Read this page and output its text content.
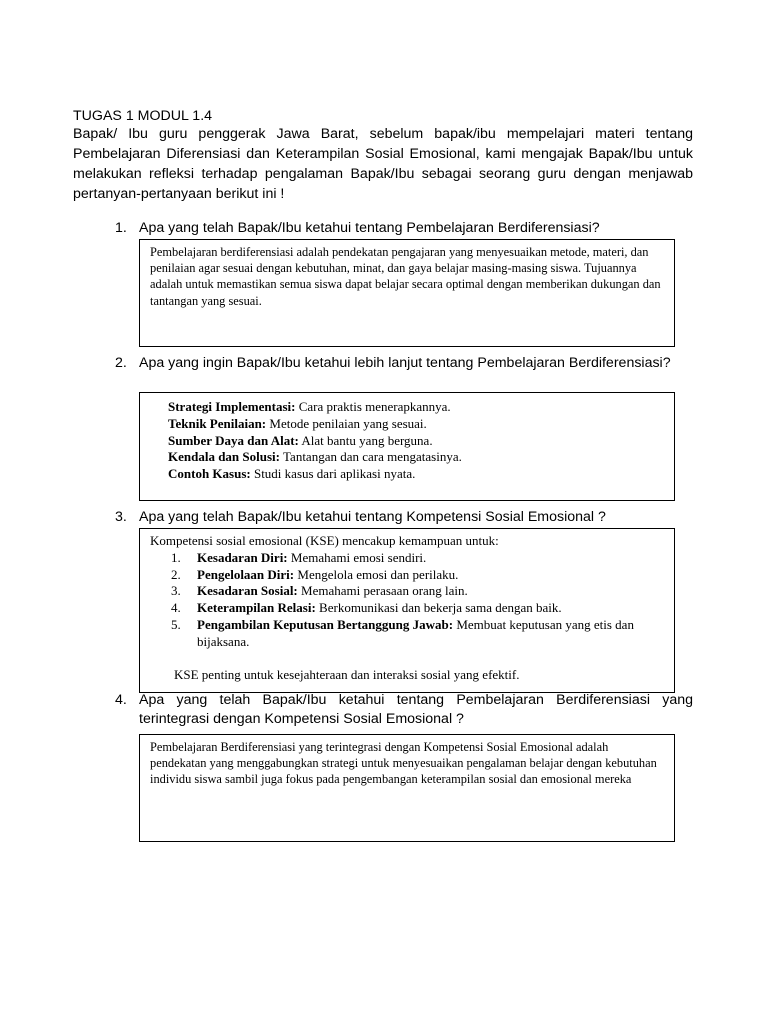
TUGAS 1 MODUL 1.4

Bapak/ Ibu guru penggerak Jawa Barat, sebelum bapak/ibu mempelajari materi tentang Pembelajaran Diferensiasi dan Keterampilan Sosial Emosional, kami mengajak Bapak/Ibu untuk melakukan refleksi terhadap pengalaman Bapak/Ibu sebagai seorang guru dengan menjawab pertanyan-pertanyaan berikut ini !

1. Apa yang telah Bapak/Ibu ketahui tentang Pembelajaran Berdiferensiasi?

Pembelajaran berdiferensiasi adalah pendekatan pengajaran yang menyesuaikan metode, materi, dan penilaian agar sesuai dengan kebutuhan, minat, dan gaya belajar masing-masing siswa. Tujuannya adalah untuk memastikan semua siswa dapat belajar secara optimal dengan memberikan dukungan dan tantangan yang sesuai.

2. Apa yang ingin Bapak/Ibu ketahui lebih lanjut tentang Pembelajaran Berdiferensiasi?
Strategi Implementasi: Cara praktis menerapkannya.
Teknik Penilaian: Metode penilaian yang sesuai.
Sumber Daya dan Alat: Alat bantu yang berguna.
Kendala dan Solusi: Tantangan dan cara mengatasinya.
Contoh Kasus: Studi kasus dari aplikasi nyata.
3. Apa yang telah Bapak/Ibu ketahui tentang Kompetensi Sosial Emosional ?

Kompetensi sosial emosional (KSE) mencakup kemampuan untuk:

1. Kesadaran Diri: Memahami emosi sendiri.
2. Pengelolaan Diri: Mengelola emosi dan perilaku.
3. Kesadaran Sosial: Memahami perasaan orang lain.
4. Keterampilan Relasi: Berkomunikasi dan bekerja sama dengan baik.
5. Pengambilan Keputusan Bertanggung Jawab: Membuat keputusan yang etis dan bijaksana.

KSE penting untuk kesejahteraan dan interaksi sosial yang efektif.

4. Apa yang telah Bapak/Ibu ketahui tentang Pembelajaran Berdiferensiasi yang terintegrasi dengan Kompetensi Sosial Emosional ?

Pembelajaran Berdiferensiasi yang terintegrasi dengan Kompetensi Sosial Emosional adalah pendekatan yang menggabungkan strategi untuk menyesuaikan pengalaman belajar dengan kebutuhan individu siswa sambil juga fokus pada pengembangan keterampilan sosial dan emosional mereka
